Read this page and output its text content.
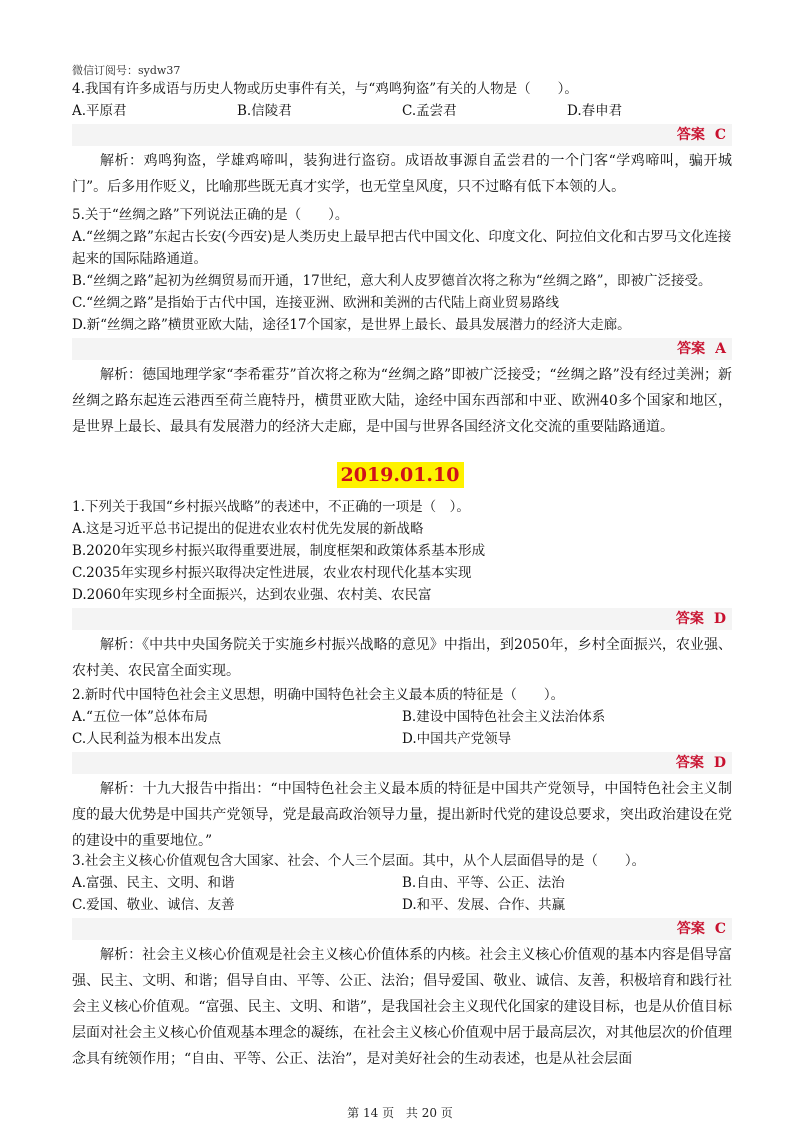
微信订阅号：sydw37
4.我国有许多成语与历史人物或历史事件有关，与“鸡鸣狗盗”有关的人物是（　　）。
A.平原君	B.信陵君	C.孟尝君	D.春申君
答案 C
解析：鸡鸣狗盗，学雄鸡啼叫，装狗进行盗窃。成语故事源自孟尝君的一个门客“学鸡啼叫，骗开城门”。后多用作贬义，比喻那些既无真才实学，也无堂皇风度，只不过略有低下本领的人。
5.关于“丝绸之路”下列说法正确的是（　　）。
A.“丝绸之路”东起古长安(今西安)是人类历史上最早把古代中国文化、印度文化、阿拉伯文化和古罗马文化连接起来的国际陆路通道。
B.“丝绸之路”起初为丝绸贸易而开通，17世纪，意大利人皮罗德首次将之称为“丝绸之路”，即被广泛接受。
C.“丝绸之路”是指始于古代中国，连接亚洲、欧洲和美洲的古代陆上商业贸易路线
D.新“丝绸之路”横贯亚欧大陆，途径17个国家，是世界上最长、最具发展潜力的经济大走廊。
答案 A
解析：德国地理学家“李希霍芬”首次将之称为“丝绸之路”即被广泛接受；“丝绸之路”没有经过美洲；新丝绸之路东起连云港西至荷兰鹿特丹，横贯亚欧大陆，途经中国东西部和中亚、欧洲40多个国家和地区，是世界上最长、最具有发展潜力的经济大走廊，是中国与世界各国经济文化交流的重要陆路通道。
2019.01.10
1.下列关于我国“乡村振兴战略”的表述中，不正确的一项是（　）。
A.这是习近平总书记提出的促进农业农村优先发展的新战略
B.2020年实现乡村振兴取得重要进展，制度框架和政策体系基本形成
C.2035年实现乡村振兴取得决定性进展，农业农村现代化基本实现
D.2060年实现乡村全面振兴，达到农业强、农村美、农民富
答案 D
解析：《中共中央国务院关于实施乡村振兴战略的意见》中指出，到2050年，乡村全面振兴，农业强、农村美、农民富全面实现。
2.新时代中国特色社会主义思想，明确中国特色社会主义最本质的特征是（　　）。
A.“五位一体”总体布局	B.建设中国特色社会主义法治体系
C.人民利益为根本出发点	D.中国共产党领导
答案 D
解析：十九大报告中指出：“中国特色社会主义最本质的特征是中国共产党领导，中国特色社会主义制度的最大优势是中国共产党领导，党是最高政治领导力量，提出新时代党的建设总要求，突出政治建设在党的建设中的重要地位。”
3.社会主义核心价值观包含大国家、社会、个人三个层面。其中，从个人层面倡导的是（　　）。
A.富强、民主、文明、和谐	B.自由、平等、公正、法治
C.爱国、敬业、诚信、友善	D.和平、发展、合作、共赢
答案 C
解析：社会主义核心价值观是社会主义核心价值体系的内核。社会主义核心价值观的基本内容是倡导富强、民主、文明、和谐；倡导自由、平等、公正、法治；倡导爱国、敬业、诚信、友善，积极培育和践行社会主义核心价值观。“富强、民主、文明、和谐”，是我国社会主义现代化国家的建设目标，也是从价值目标层面对社会主义核心价值观基本理念的凝练，在社会主义核心价值观中居于最高层次，对其他层次的价值理念具有统领作用；“自由、平等、公正、法治”，是对美好社会的生动表述，也是从社会层面
第 14 页 共 20 页
